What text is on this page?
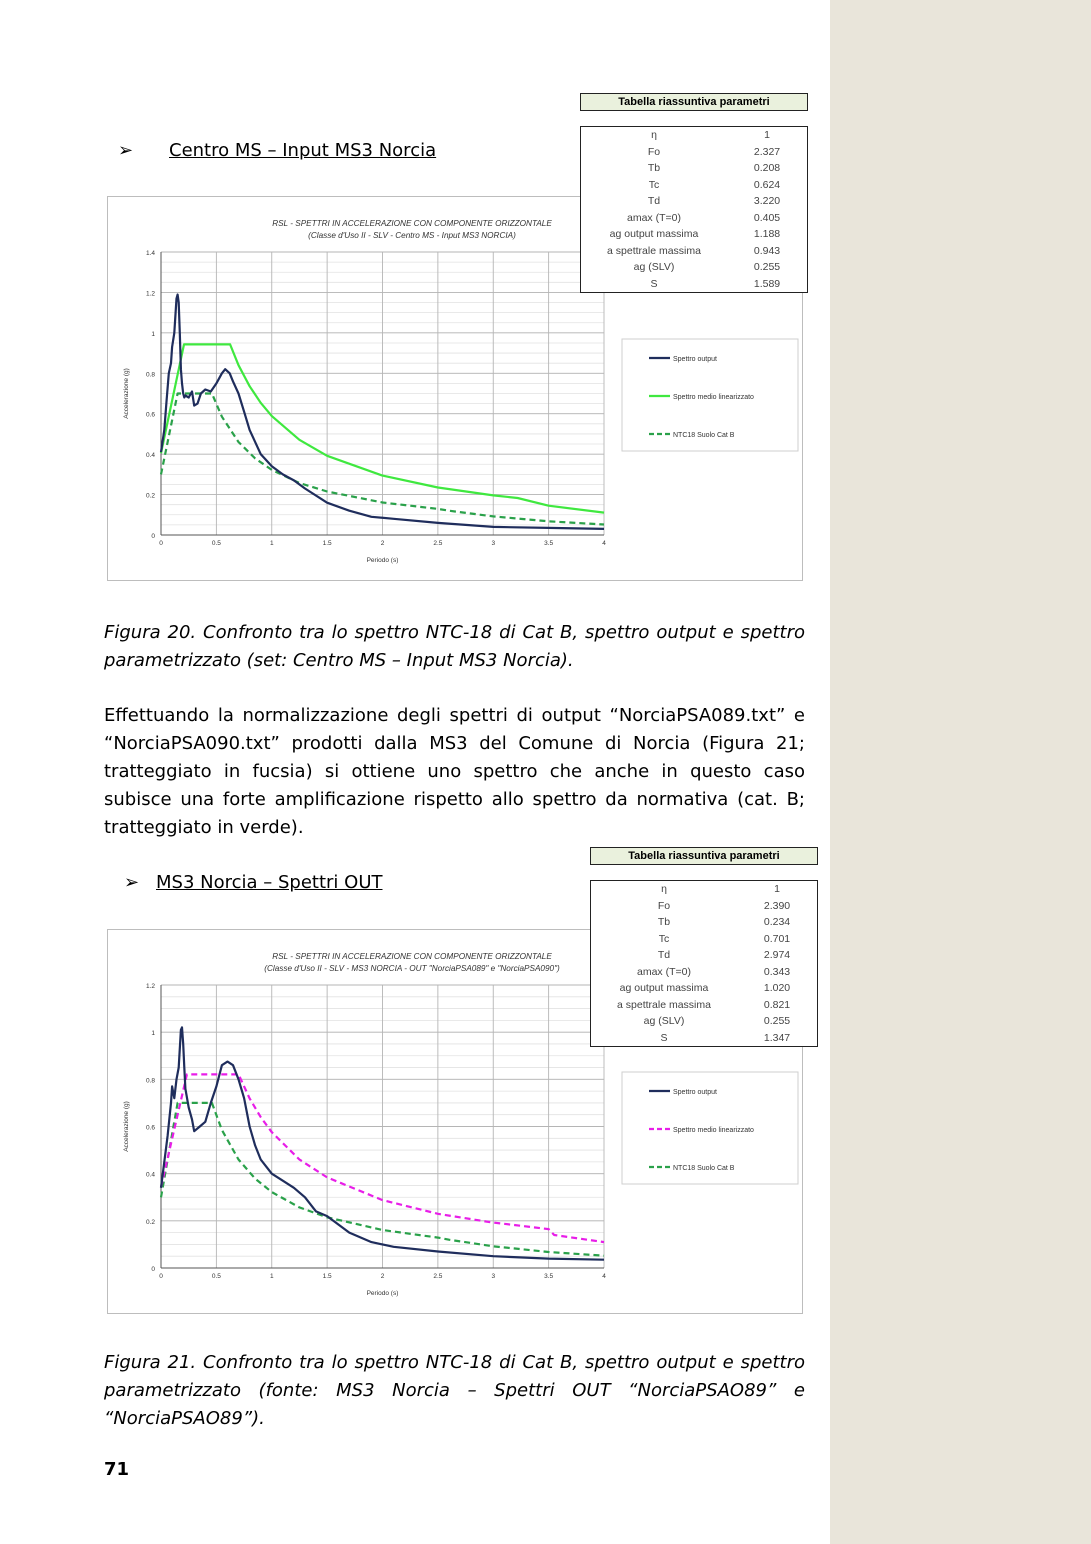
➢ Centro MS – Input MS3 Norcia
0
0.2
0.4
0.6
0.8
1
1.2
1.4
0	0.5	1	1.5	2	2.5	3	3.5	4
RSL - SPETTRI IN ACCELERAZIONE CON COMPONENTE ORIZZONTALE
(Classe d'Uso II - SLV - Centro MS - Input MS3 NORCIA)
Periodo (s)
Accelerazione (g)
Spettro output
Spettro medio linearizzato
NTC18 Suolo Cat B
Tabella riassuntiva parametri
η	1
Fo	2.327
Tb	0.208
Tc	0.624
Td	3.220
amax (T=0)	0.405
ag output massima	1.188
a spettrale massima	0.943
ag (SLV)	0.255
S	1.589
Figura 20. Confronto tra lo spettro NTC-18 di Cat B, spettro output e spettro parametrizzato (set: Centro MS – Input MS3 Norcia).
Effettuando la normalizzazione degli spettri di output “NorciaPSA089.txt” e “NorciaPSA090.txt” prodotti dalla MS3 del Comune di Norcia (Figura 21; tratteggiato in fucsia) si ottiene uno spettro che anche in questo caso subisce una forte amplificazione rispetto allo spettro da normativa (cat. B; tratteggiato in verde).
➢ MS3 Norcia – Spettri OUT
0
0.2
0.4
0.6
0.8
1
1.2
0	0.5	1	1.5	2	2.5	3	3.5	4
RSL - SPETTRI IN ACCELERAZIONE CON COMPONENTE ORIZZONTALE
(Classe d'Uso II - SLV - MS3 NORCIA - OUT "NorciaPSA089" e "NorciaPSA090")
Periodo (s)
Accelerazione (g)
Spettro output
Spettro medio linearizzato
NTC18 Suolo Cat B
Tabella riassuntiva parametri
η	1
Fo	2.390
Tb	0.234
Tc	0.701
Td	2.974
amax (T=0)	0.343
ag output massima	1.020
a spettrale massima	0.821
ag (SLV)	0.255
S	1.347
Figura 21. Confronto tra lo spettro NTC-18 di Cat B, spettro output e spettro parametrizzato (fonte: MS3 Norcia – Spettri OUT “NorciaPSAO89” e “NorciaPSAO89”).
71
